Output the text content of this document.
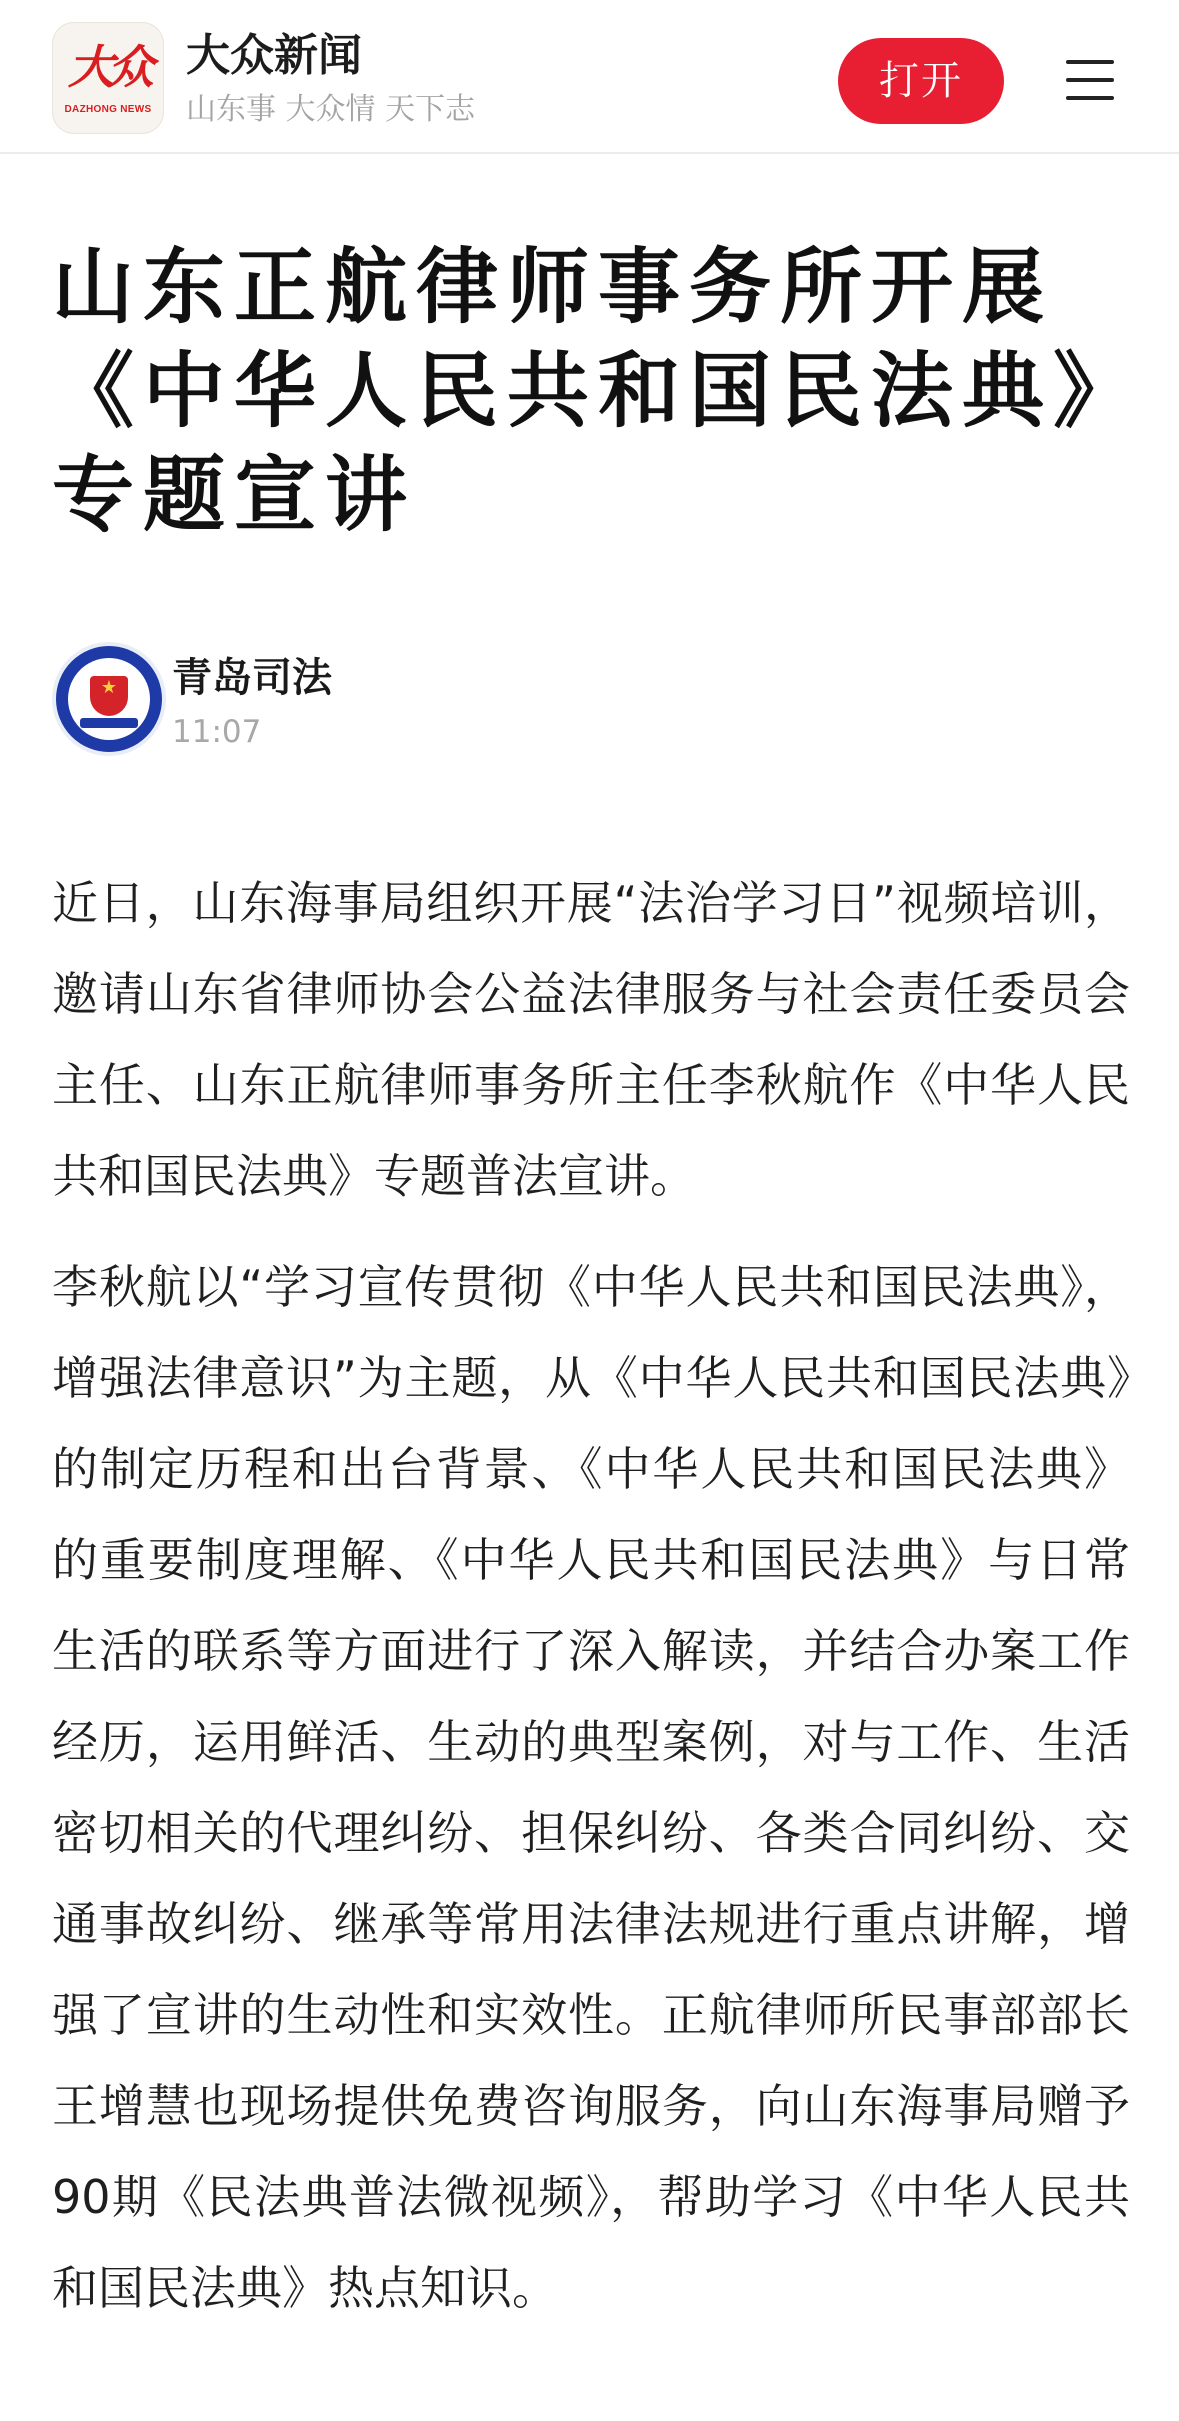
大众
DAZHONG NEWS
大众新闻
山东事 大众情 天下志
打开
山东正航律师事务所开展《中华人民共和国民法典》专题宣讲
★ 青岛司法
11:07

近日，山东海事局组织开展“法治学习日”视频培训，邀请山东省律师协会公益法律服务与社会责任委员会主任、山东正航律师事务所主任李秋航作《中华人民共和国民法典》专题普法宣讲。

李秋航以“学习宣传贯彻《中华人民共和国民法典》，增强法律意识”为主题，从《中华人民共和国民法典》的制定历程和出台背景、《中华人民共和国民法典》的重要制度理解、《中华人民共和国民法典》与日常生活的联系等方面进行了深入解读，并结合办案工作经历，运用鲜活、生动的典型案例，对与工作、生活密切相关的代理纠纷、担保纠纷、各类合同纠纷、交通事故纠纷、继承等常用法律法规进行重点讲解，增强了宣讲的生动性和实效性。正航律师所民事部部长王增慧也现场提供免费咨询服务，向山东海事局赠予90期《民法典普法微视频》，帮助学习《中华人民共和国民法典》热点知识。
